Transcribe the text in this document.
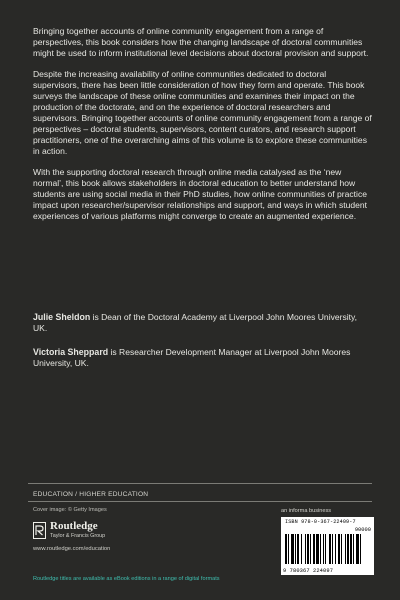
Bringing together accounts of online community engagement from a range of perspectives, this book considers how the changing landscape of doctoral communities might be used to inform institutional level decisions about doctoral provision and support.

Despite the increasing availability of online communities dedicated to doctoral supervisors, there has been little consideration of how they form and operate. This book surveys the landscape of these online communities and examines their impact on the production of the doctorate, and on the experience of doctoral researchers and supervisors. Bringing together accounts of online community engagement from a range of perspectives – doctoral students, supervisors, content curators, and research support practitioners, one of the overarching aims of this volume is to explore these communities in action.

With the supporting doctoral research through online media catalysed as the ‘new normal’, this book allows stakeholders in doctoral education to better understand how students are using social media in their PhD studies, how online communities of practice impact upon researcher/supervisor relationships and support, and ways in which student experiences of various platforms might converge to create an augmented experience.

Julie Sheldon is Dean of the Doctoral Academy at Liverpool John Moores University, UK.
Victoria Sheppard is Researcher Development Manager at Liverpool John Moores University, UK.
EDUCATION / HIGHER EDUCATION
Cover image: © Getty Images
Routledge
Taylor & Francis Group
www.routledge.com/education
an informa business
ISBN 978-0-367-22409-7
90000
9 780367 224097
Routledge titles are available as eBook editions in a range of digital formats
